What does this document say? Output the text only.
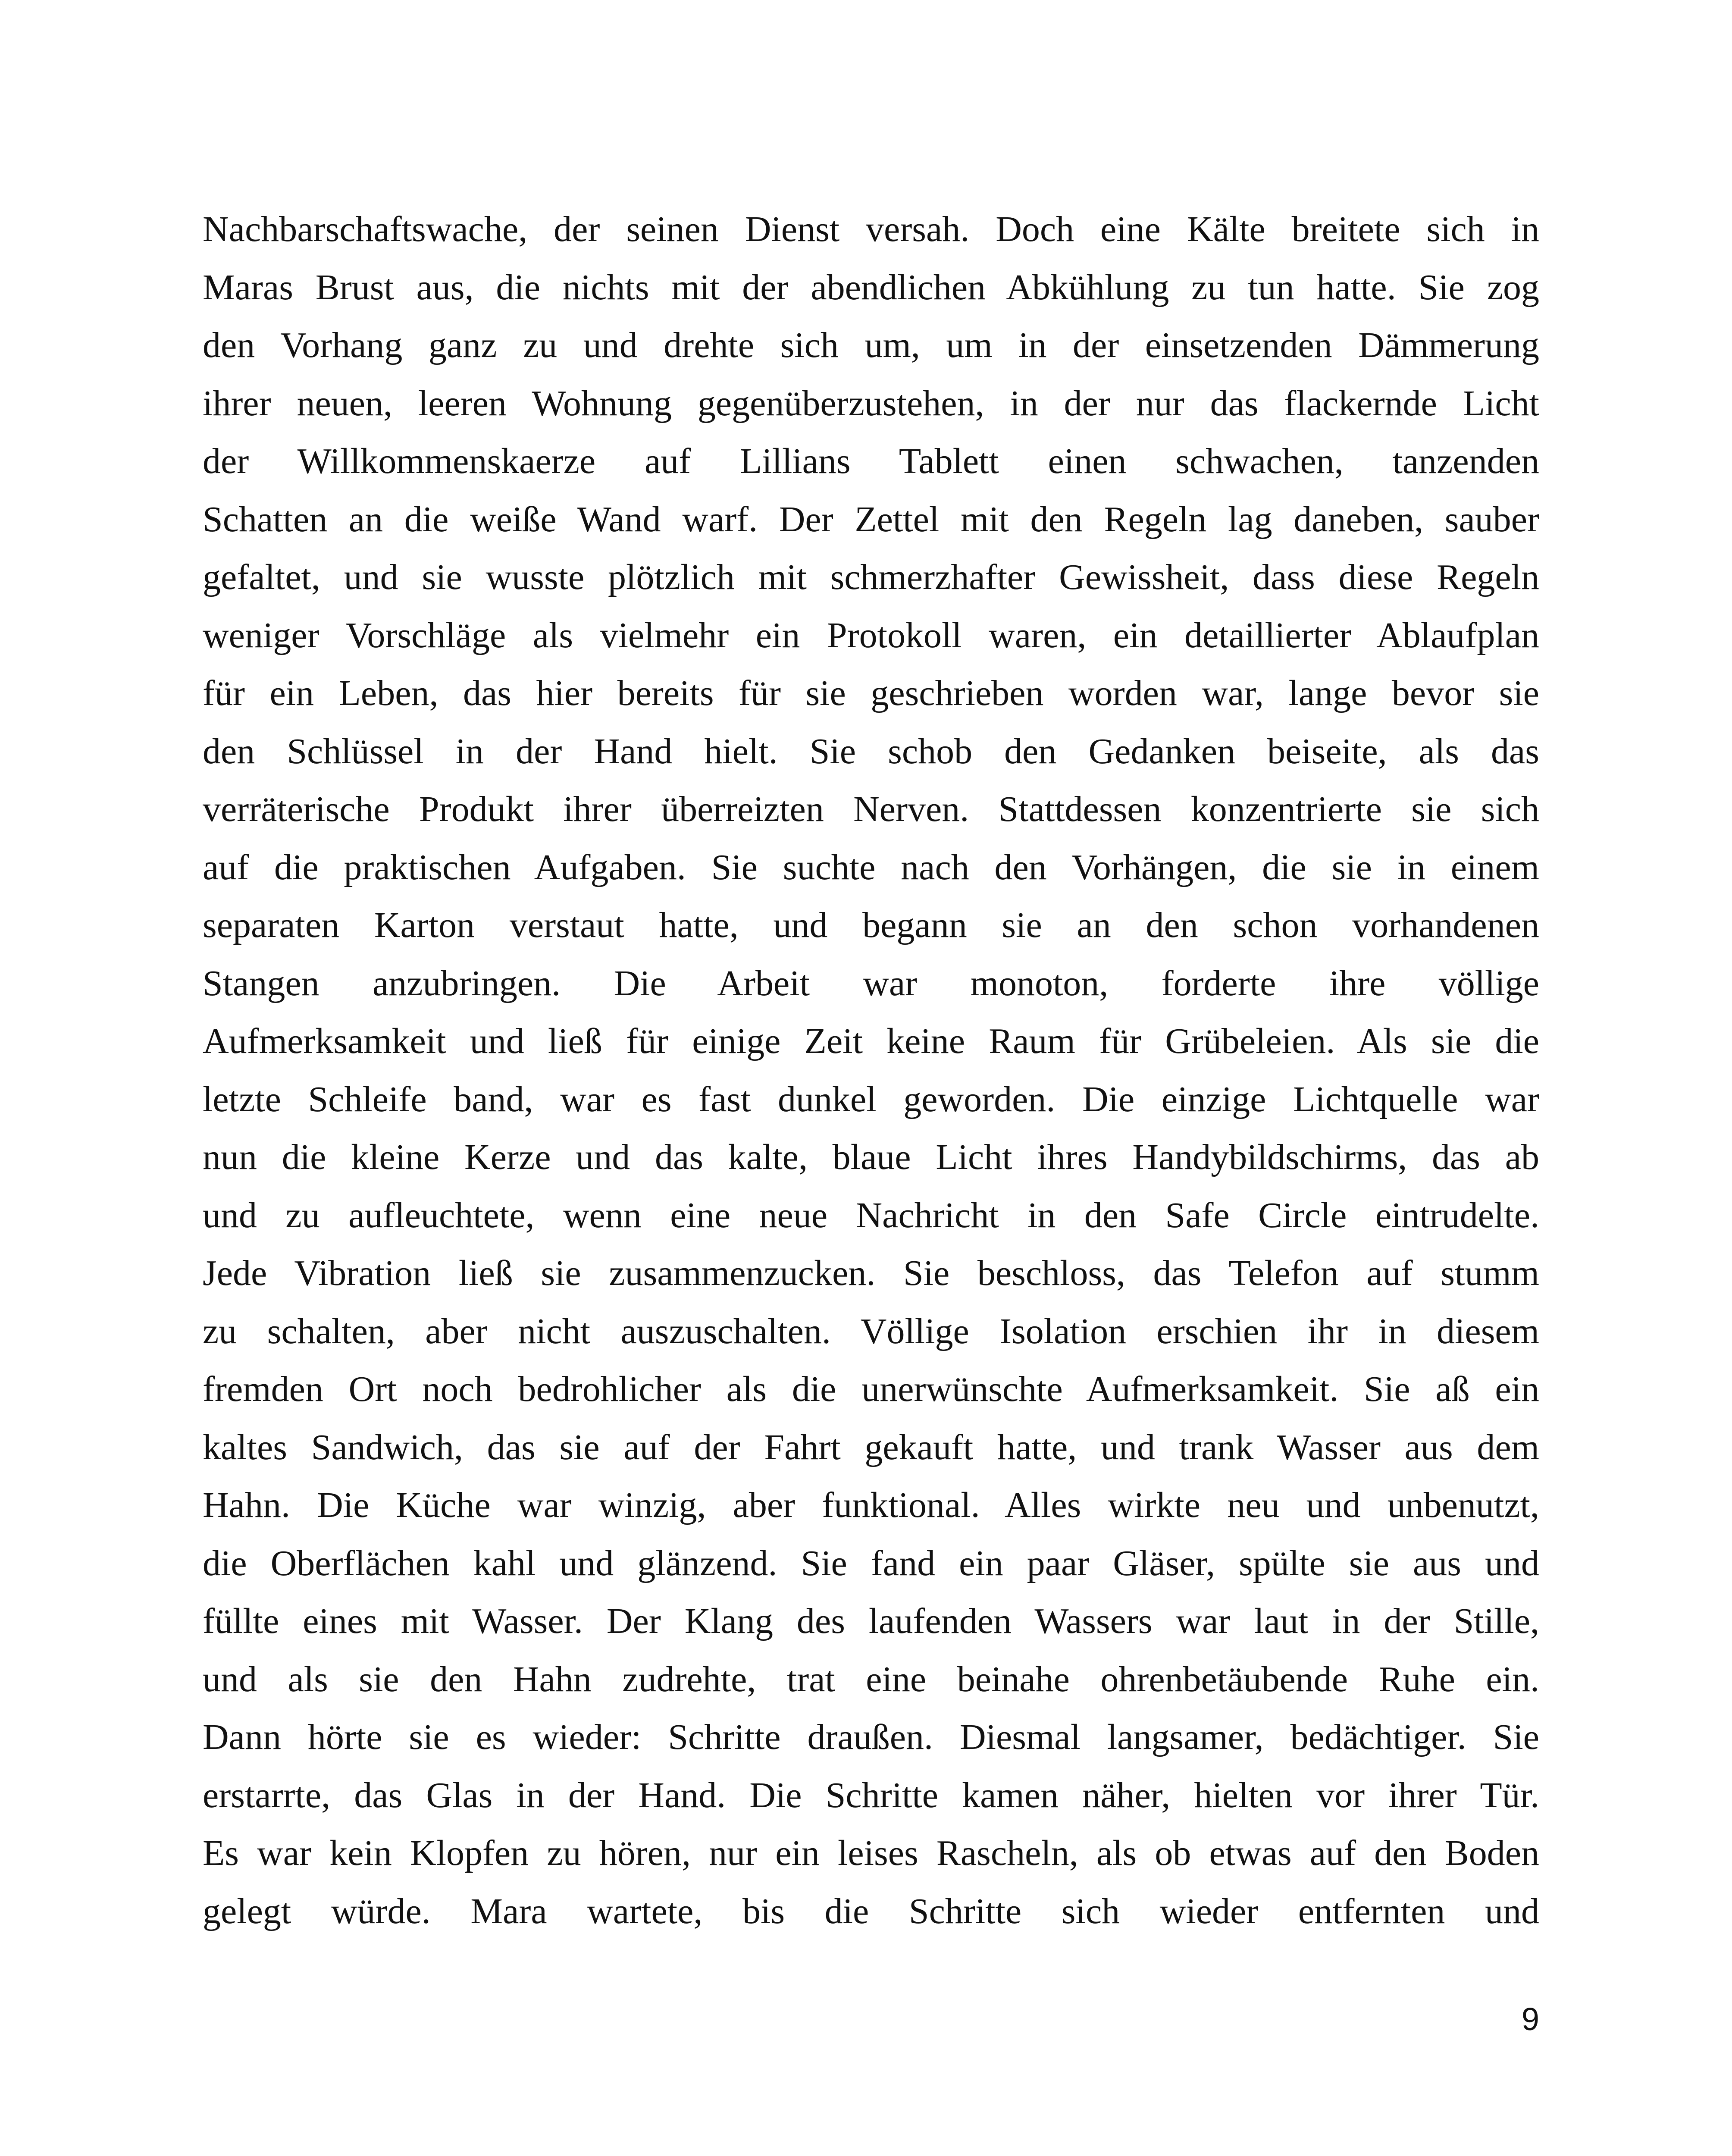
Nachbarschaftswache, der seinen Dienst versah. Doch eine Kälte breitete sich in
Maras Brust aus, die nichts mit der abendlichen Abkühlung zu tun hatte. Sie zog
den Vorhang ganz zu und drehte sich um, um in der einsetzenden Dämmerung
ihrer neuen, leeren Wohnung gegenüberzustehen, in der nur das flackernde Licht
der Willkommenskaerze auf Lillians Tablett einen schwachen, tanzenden
Schatten an die weiße Wand warf. Der Zettel mit den Regeln lag daneben, sauber
gefaltet, und sie wusste plötzlich mit schmerzhafter Gewissheit, dass diese Regeln
weniger Vorschläge als vielmehr ein Protokoll waren, ein detaillierter Ablaufplan
für ein Leben, das hier bereits für sie geschrieben worden war, lange bevor sie
den Schlüssel in der Hand hielt. Sie schob den Gedanken beiseite, als das
verräterische Produkt ihrer überreizten Nerven. Stattdessen konzentrierte sie sich
auf die praktischen Aufgaben. Sie suchte nach den Vorhängen, die sie in einem
separaten Karton verstaut hatte, und begann sie an den schon vorhandenen
Stangen anzubringen. Die Arbeit war monoton, forderte ihre völlige
Aufmerksamkeit und ließ für einige Zeit keine Raum für Grübeleien. Als sie die
letzte Schleife band, war es fast dunkel geworden. Die einzige Lichtquelle war
nun die kleine Kerze und das kalte, blaue Licht ihres Handybildschirms, das ab
und zu aufleuchtete, wenn eine neue Nachricht in den Safe Circle eintrudelte.
Jede Vibration ließ sie zusammenzucken. Sie beschloss, das Telefon auf stumm
zu schalten, aber nicht auszuschalten. Völlige Isolation erschien ihr in diesem
fremden Ort noch bedrohlicher als die unerwünschte Aufmerksamkeit. Sie aß ein
kaltes Sandwich, das sie auf der Fahrt gekauft hatte, und trank Wasser aus dem
Hahn. Die Küche war winzig, aber funktional. Alles wirkte neu und unbenutzt,
die Oberflächen kahl und glänzend. Sie fand ein paar Gläser, spülte sie aus und
füllte eines mit Wasser. Der Klang des laufenden Wassers war laut in der Stille,
und als sie den Hahn zudrehte, trat eine beinahe ohrenbetäubende Ruhe ein.
Dann hörte sie es wieder: Schritte draußen. Diesmal langsamer, bedächtiger. Sie
erstarrte, das Glas in der Hand. Die Schritte kamen näher, hielten vor ihrer Tür.
Es war kein Klopfen zu hören, nur ein leises Rascheln, als ob etwas auf den Boden
gelegt würde. Mara wartete, bis die Schritte sich wieder entfernten und
9
